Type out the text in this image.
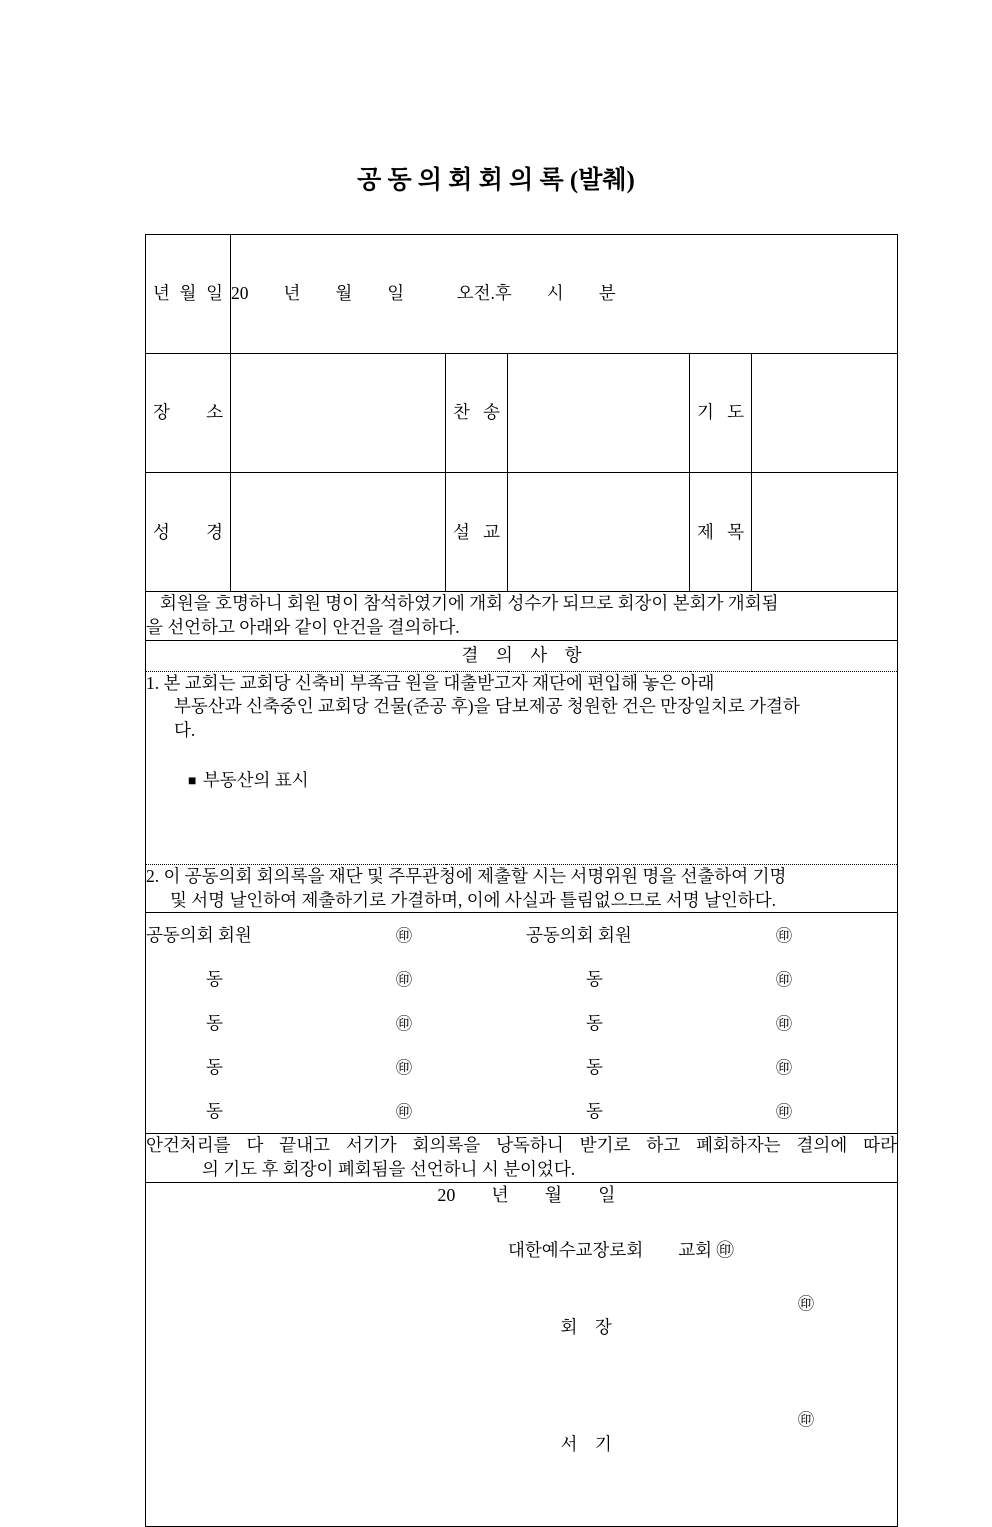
공 동 의 회 회 의 록 (발췌)

년 월 일	20        년        월        일            오전.후        시        분

장 소		찬 송		기 도

성 경		설 교		제 목

회원을 호명하니 회원 명이 참석하였기에 개회 성수가 되므로 회장이 본회가 개회됨

을 선언하고 아래와 같이 안건을 결의하다.

결    의    사    항

1. 본 교회는 교회당 신축비 부족금 원을 대출받고자 재단에 편입해 놓은 아래
부동산과 신축중인 교회당 건물(준공 후)을 담보제공 청원한 건은 만장일치로 가결하
다.
■ 부동산의 표시

2. 이 공동의회 회의록을 재단 및 주무관청에 제출할 시는 서명위원 명을 선출하여 기명
및 서명 날인하여 제출하기로 가결하며, 이에 사실과 틀림없으므로 서명 날인하다.

공동의회 회원	㊞	공동의회 회원	㊞
동	㊞	동	㊞
동	㊞	동	㊞
동	㊞	동	㊞
동	㊞	동	㊞

안건처리를 다 끝내고 서기가 회의록을 낭독하니 받기로 하고 폐회하자는 결의에 따라
의 기도 후 회장이 폐회됨을 선언하니 시 분이었다.

20        년        월        일
대한예수교장로회        교회 ㊞

회    장

㊞

서    기

㊞
